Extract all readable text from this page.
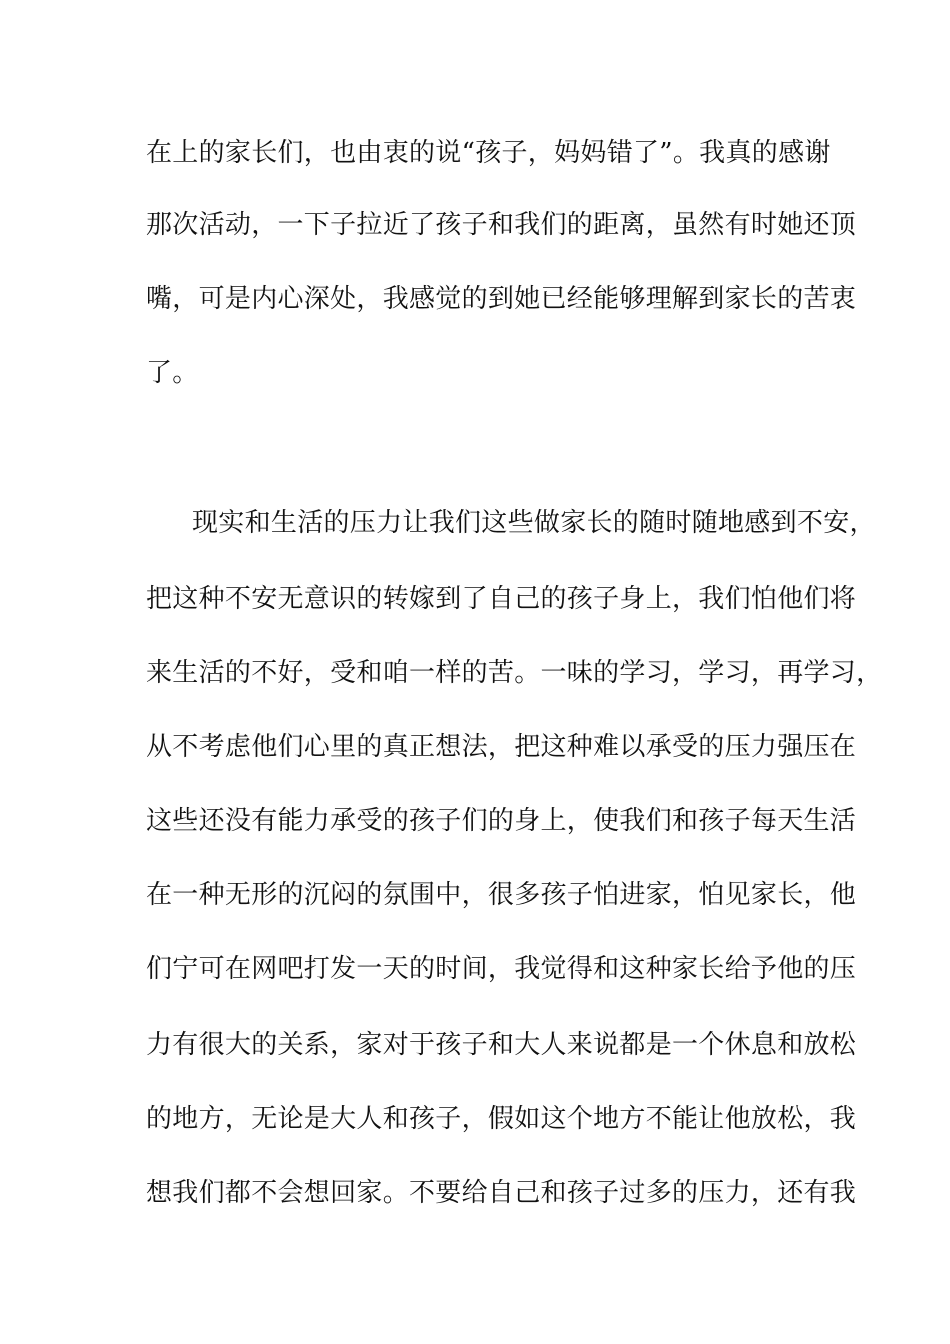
在上的家长们，也由衷的说“孩子，妈妈错了”。我真的感谢
那次活动，一下子拉近了孩子和我们的距离，虽然有时她还顶
嘴，可是内心深处，我感觉的到她已经能够理解到家长的苦衷
了。
现实和生活的压力让我们这些做家长的随时随地感到不安，
把这种不安无意识的转嫁到了自己的孩子身上，我们怕他们将
来生活的不好，受和咱一样的苦。一味的学习，学习，再学习，
从不考虑他们心里的真正想法，把这种难以承受的压力强压在
这些还没有能力承受的孩子们的身上，使我们和孩子每天生活
在一种无形的沉闷的氛围中，很多孩子怕进家，怕见家长，他
们宁可在网吧打发一天的时间，我觉得和这种家长给予他的压
力有很大的关系，家对于孩子和大人来说都是一个休息和放松
的地方，无论是大人和孩子，假如这个地方不能让他放松，我
想我们都不会想回家。不要给自己和孩子过多的压力，还有我
